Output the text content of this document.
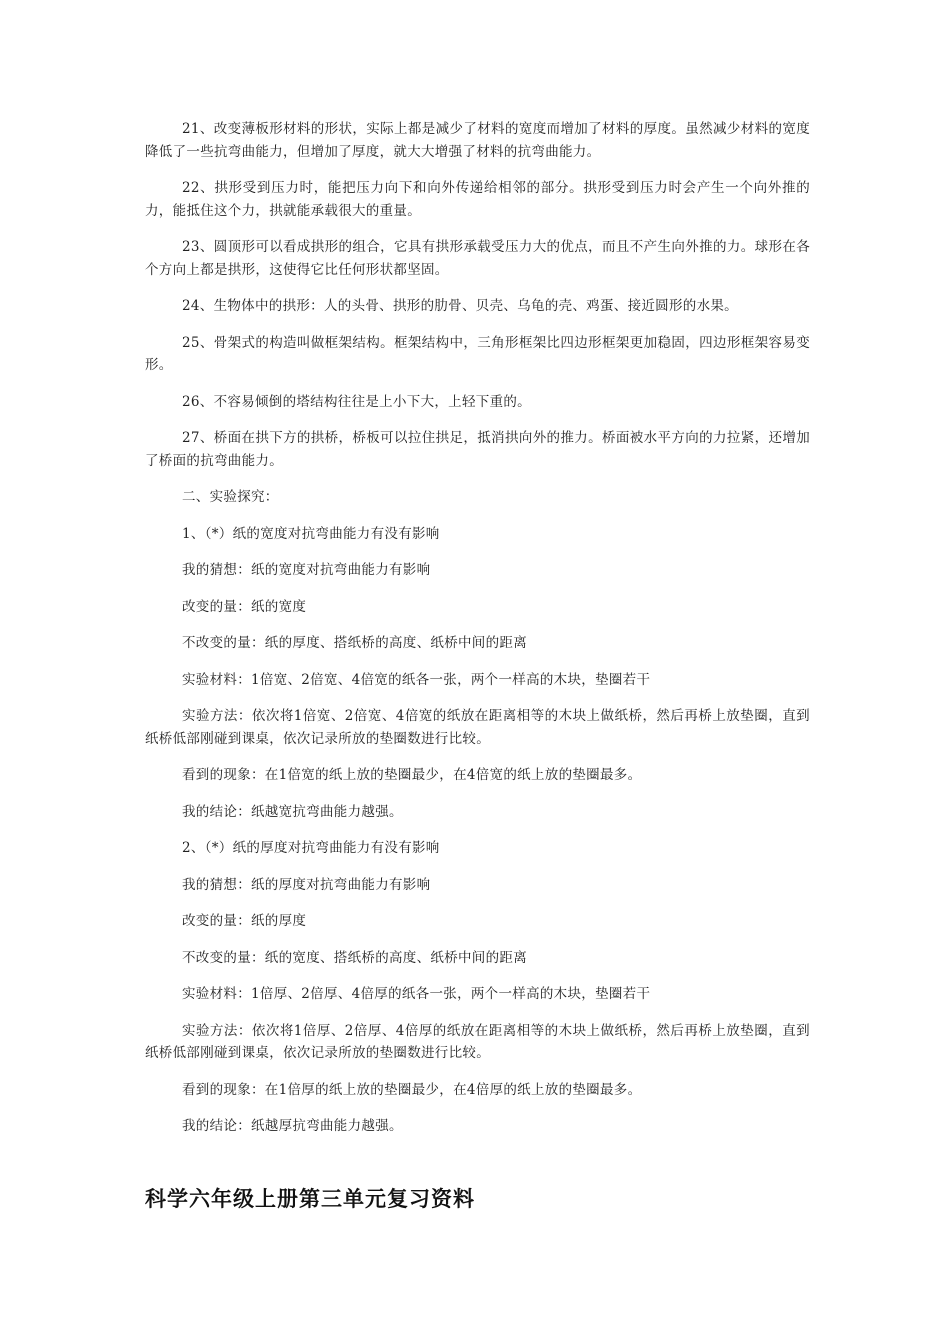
21、改变薄板形材料的形状，实际上都是减少了材料的宽度而增加了材料的厚度。虽然减少材料的宽度降低了一些抗弯曲能力，但增加了厚度，就大大增强了材料的抗弯曲能力。

22、拱形受到压力时，能把压力向下和向外传递给相邻的部分。拱形受到压力时会产生一个向外推的力，能抵住这个力，拱就能承载很大的重量。

23、圆顶形可以看成拱形的组合，它具有拱形承载受压力大的优点，而且不产生向外推的力。球形在各个方向上都是拱形，这使得它比任何形状都坚固。

24、生物体中的拱形：人的头骨、拱形的肋骨、贝壳、乌龟的壳、鸡蛋、接近圆形的水果。

25、骨架式的构造叫做框架结构。框架结构中，三角形框架比四边形框架更加稳固，四边形框架容易变形。

26、不容易倾倒的塔结构往往是上小下大，上轻下重的。

27、桥面在拱下方的拱桥，桥板可以拉住拱足，抵消拱向外的推力。桥面被水平方向的力拉紧，还增加了桥面的抗弯曲能力。

二、实验探究：

1、（*）纸的宽度对抗弯曲能力有没有影响

我的猜想：纸的宽度对抗弯曲能力有影响

改变的量：纸的宽度

不改变的量：纸的厚度、搭纸桥的高度、纸桥中间的距离

实验材料：1倍宽、2倍宽、4倍宽的纸各一张，两个一样高的木块，垫圈若干

实验方法：依次将1倍宽、2倍宽、4倍宽的纸放在距离相等的木块上做纸桥，然后再桥上放垫圈，直到纸桥低部刚碰到课桌，依次记录所放的垫圈数进行比较。

看到的现象：在1倍宽的纸上放的垫圈最少，在4倍宽的纸上放的垫圈最多。

我的结论：纸越宽抗弯曲能力越强。

2、（*）纸的厚度对抗弯曲能力有没有影响

我的猜想：纸的厚度对抗弯曲能力有影响

改变的量：纸的厚度

不改变的量：纸的宽度、搭纸桥的高度、纸桥中间的距离

实验材料：1倍厚、2倍厚、4倍厚的纸各一张，两个一样高的木块，垫圈若干

实验方法：依次将1倍厚、2倍厚、4倍厚的纸放在距离相等的木块上做纸桥，然后再桥上放垫圈，直到纸桥低部刚碰到课桌，依次记录所放的垫圈数进行比较。

看到的现象：在1倍厚的纸上放的垫圈最少，在4倍厚的纸上放的垫圈最多。

我的结论：纸越厚抗弯曲能力越强。

科学六年级上册第三单元复习资料
